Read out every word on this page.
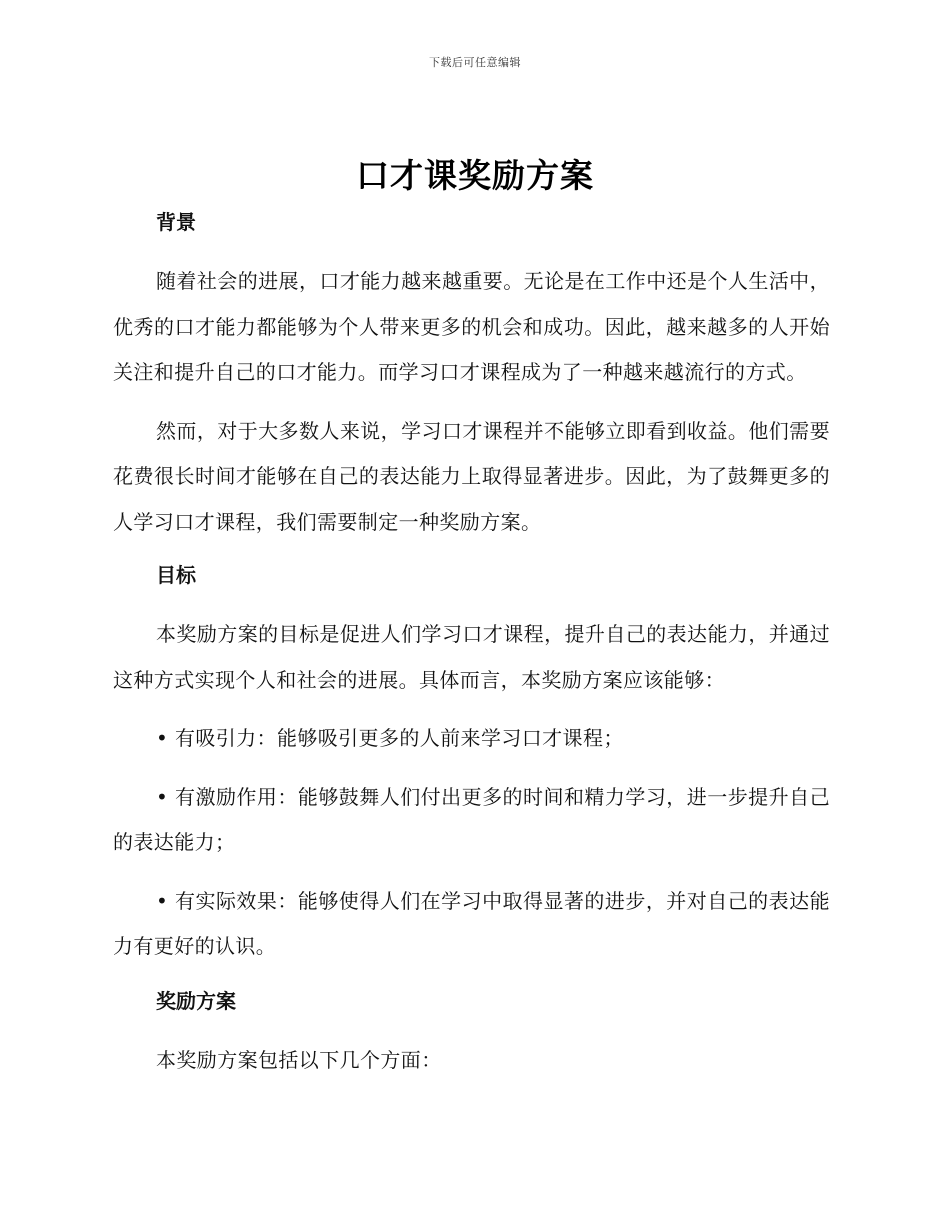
下载后可任意编辑
口才课奖励方案
背景

随着社会的进展，口才能力越来越重要。无论是在工作中还是个人生活中，优秀的口才能力都能够为个人带来更多的机会和成功。因此，越来越多的人开始关注和提升自己的口才能力。而学习口才课程成为了一种越来越流行的方式。

然而，对于大多数人来说，学习口才课程并不能够立即看到收益。他们需要花费很长时间才能够在自己的表达能力上取得显著进步。因此，为了鼓舞更多的人学习口才课程，我们需要制定一种奖励方案。

目标

本奖励方案的目标是促进人们学习口才课程，提升自己的表达能力，并通过这种方式实现个人和社会的进展。具体而言，本奖励方案应该能够：

• 有吸引力：能够吸引更多的人前来学习口才课程；

• 有激励作用：能够鼓舞人们付出更多的时间和精力学习，进一步提升自己的表达能力；

• 有实际效果：能够使得人们在学习中取得显著的进步，并对自己的表达能力有更好的认识。

奖励方案

本奖励方案包括以下几个方面：
